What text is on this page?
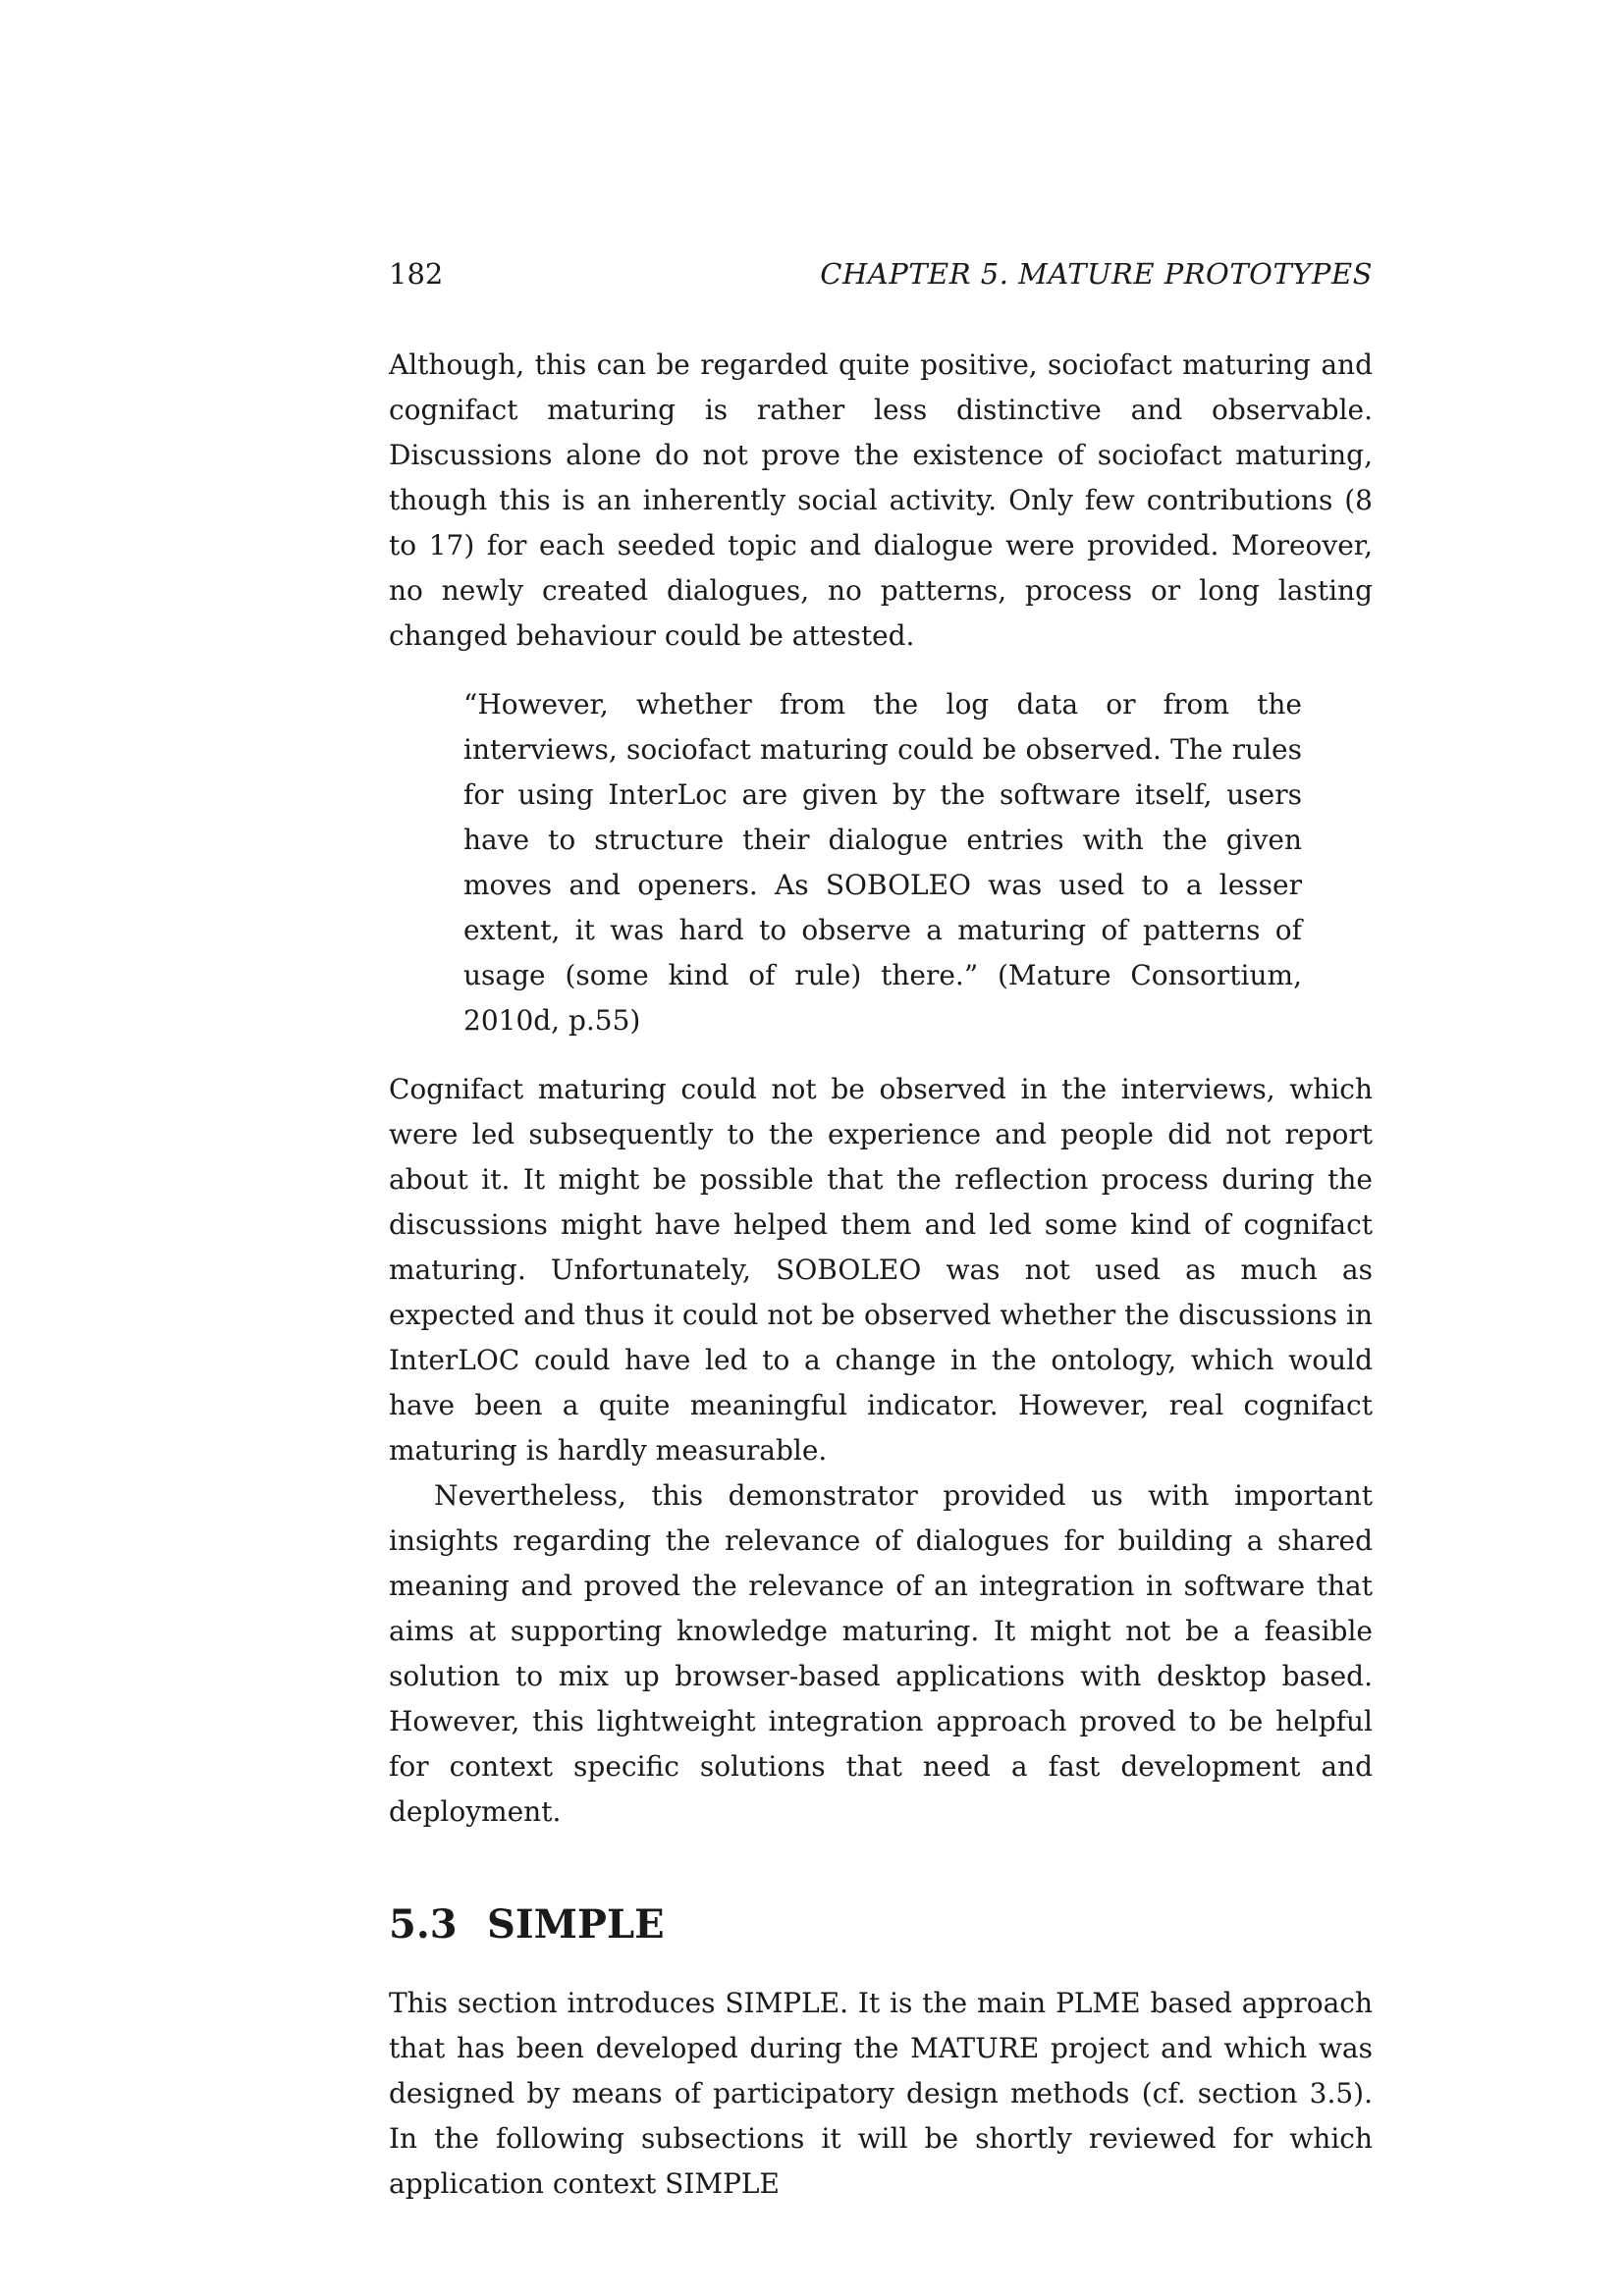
182	CHAPTER 5. MATURE PROTOTYPES

Although, this can be regarded quite positive, sociofact maturing and cognifact maturing is rather less distinctive and observable. Discussions alone do not prove the existence of sociofact maturing, though this is an inherently social activity. Only few contributions (8 to 17) for each seeded topic and dialogue were provided. Moreover, no newly created dialogues, no patterns, process or long lasting changed behaviour could be attested.

“However, whether from the log data or from the interviews, sociofact maturing could be observed. The rules for using InterLoc are given by the software itself, users have to structure their dialogue entries with the given moves and openers. As SOBOLEO was used to a lesser extent, it was hard to observe a maturing of patterns of usage (some kind of rule) there.” (Mature Consortium, 2010d, p.55)

Cognifact maturing could not be observed in the interviews, which were led subsequently to the experience and people did not report about it. It might be possible that the reflection process during the discussions might have helped them and led some kind of cognifact maturing. Unfortunately, SOBOLEO was not used as much as expected and thus it could not be observed whether the discussions in InterLOC could have led to a change in the ontology, which would have been a quite meaningful indicator. However, real cognifact maturing is hardly measurable.

Nevertheless, this demonstrator provided us with important insights regarding the relevance of dialogues for building a shared meaning and proved the relevance of an integration in software that aims at supporting knowledge maturing. It might not be a feasible solution to mix up browser-based applications with desktop based. However, this lightweight integration approach proved to be helpful for context specific solutions that need a fast development and deployment.

5.3 SIMPLE

This section introduces SIMPLE. It is the main PLME based approach that has been developed during the MATURE project and which was designed by means of participatory design methods (cf. section 3.5). In the following subsections it will be shortly reviewed for which application context SIMPLE
